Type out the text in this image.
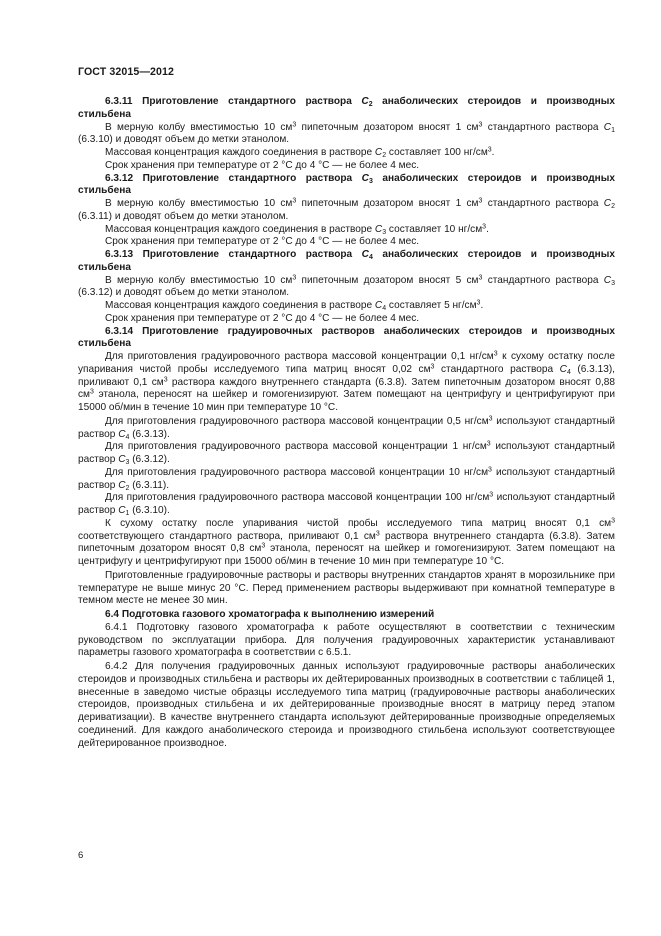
ГОСТ 32015—2012

6.3.11 Приготовление стандартного раствора $C_2$ анаболических стероидов и производных стильбена

В мерную колбу вместимостью 10 $см^3$ пипеточным дозатором вносят 1 $см^3$ стандартного раствора $C_1$ (6.3.10) и доводят объем до метки этанолом.

Массовая концентрация каждого соединения в растворе $C_2$ составляет 100 $нг/см^3$.

Срок хранения при температуре от 2 °С до 4 °С — не более 4 мес.

6.3.12 Приготовление стандартного раствора $C_3$ анаболических стероидов и производных стильбена

В мерную колбу вместимостью 10 $см^3$ пипеточным дозатором вносят 1 $см^3$ стандартного раствора $C_2$ (6.3.11) и доводят объем до метки этанолом.

Массовая концентрация каждого соединения в растворе $C_3$ составляет 10 $нг/см^3$.

Срок хранения при температуре от 2 °С до 4 °С — не более 4 мес.

6.3.13 Приготовление стандартного раствора $C_4$ анаболических стероидов и производных стильбена

В мерную колбу вместимостью 10 $см^3$ пипеточным дозатором вносят 5 $см^3$ стандартного раствора $C_3$ (6.3.12) и доводят объем до метки этанолом.

Массовая концентрация каждого соединения в растворе $C_4$ составляет 5 $нг/см^3$.

Срок хранения при температуре от 2 °С до 4 °С — не более 4 мес.

6.3.14 Приготовление градуировочных растворов анаболических стероидов и производных стильбена

Для приготовления градуировочного раствора массовой концентрации 0,1 $нг/см^3$ к сухому остатку после упаривания чистой пробы исследуемого типа матриц вносят 0,02 $см^3$ стандартного раствора $C_4$ (6.3.13), приливают 0,1 $см^3$ раствора каждого внутреннего стандарта (6.3.8). Затем пипеточным дозатором вносят 0,88 $см^3$ этанола, переносят на шейкер и гомогенизируют. Затем помещают на центрифугу и центрифугируют при 15000 об/мин в течение 10 мин при температуре 10 °С.

Для приготовления градуировочного раствора массовой концентрации 0,5 $нг/см^3$ используют стандартный раствор $C_4$ (6.3.13).

Для приготовления градуировочного раствора массовой концентрации 1 $нг/см^3$ используют стандартный раствор $C_3$ (6.3.12).

Для приготовления градуировочного раствора массовой концентрации 10 $нг/см^3$ используют стандартный раствор $C_2$ (6.3.11).

Для приготовления градуировочного раствора массовой концентрации 100 $нг/см^3$ используют стандартный раствор $C_1$ (6.3.10).

К сухому остатку после упаривания чистой пробы исследуемого типа матриц вносят 0,1 $см^3$ соответствующего стандартного раствора, приливают 0,1 $см^3$ раствора внутреннего стандарта (6.3.8). Затем пипеточным дозатором вносят 0,8 $см^3$ этанола, переносят на шейкер и гомогенизируют. Затем помещают на центрифугу и центрифугируют при 15000 об/мин в течение 10 мин при температуре 10 °С.

Приготовленные градуировочные растворы и растворы внутренних стандартов хранят в морозильнике при температуре не выше минус 20 °С. Перед применением растворы выдерживают при комнатной температуре в темном месте не менее 30 мин.

6.4 Подготовка газового хроматографа к выполнению измерений

6.4.1 Подготовку газового хроматографа к работе осуществляют в соответствии с техническим руководством по эксплуатации прибора. Для получения градуировочных характеристик устанавливают параметры газового хроматографа в соответствии с 6.5.1.

6.4.2 Для получения градуировочных данных используют градуировочные растворы анаболических стероидов и производных стильбена и растворы их дейтерированных производных в соответствии с таблицей 1, внесенные в заведомо чистые образцы исследуемого типа матриц (градуировочные растворы анаболических стероидов, производных стильбена и их дейтерированные производные вносят в матрицу перед этапом дериватизации). В качестве внутреннего стандарта используют дейтерированные производные определяемых соединений. Для каждого анаболического стероида и производного стильбена используют соответствующее дейтерированное производное.

6
